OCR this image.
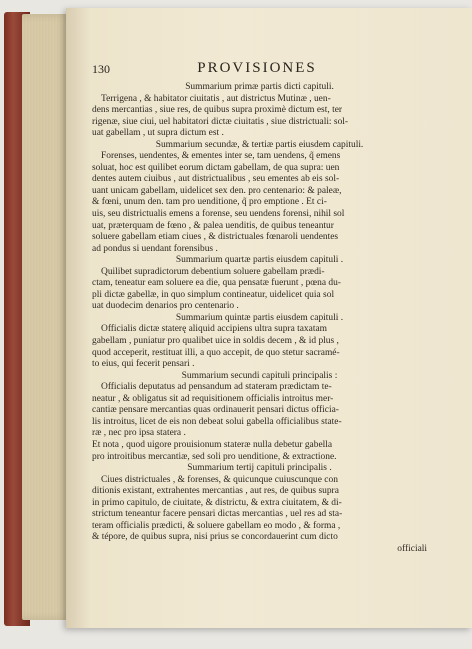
130	PROVISIONES
Summarium primæ partis dicti capituli.
Terrigena , & habitator ciuitatis , aut districtus Mutinæ , uen-
dens mercantias , siue res, de quibus supra proximè dictum est, ter
rigenæ, siue ciui, uel habitatori dictæ ciuitatis , siue districtuali: sol-
uat gabellam , ut supra dictum est .
Summarium secundæ, & tertiæ partis eiusdem capituli.
Forenses, uendentes, & ementes inter se, tam uendens, q̃ emens
soluat, hoc est quilibet eorum dictam gabellam, de qua supra: uen
dentes autem ciuibus , aut districtualibus , seu ementes ab eis sol-
uant unicam gabellam, uidelicet sex den. pro centenario: & paleæ,
& fœni, unum den. tam pro uenditione, q̃ pro emptione . Et ci-
uis, seu districtualis emens a forense, seu uendens forensi, nihil sol
uat, præterquam de fœno , & palea uenditis, de quibus teneantur
soluere gabellam etiam ciues , & districtuales fœnaroli uendentes
ad pondus si uendant forensibus .
Summarium quartæ partis eiusdem capituli .
Quilibet supradictorum debentium soluere gabellam prædi-
ctam, teneatur eam soluere ea die, qua pensatæ fuerunt , pœna du-
pli dictæ gabellæ, in quo simplum contineatur, uidelicet quia sol
uat duodecim denarios pro centenario .
Summarium quintæ partis eiusdem capituli .
Officialis dictæ staterę aliquid accipiens ultra supra taxatam
gabellam , puniatur pro qualibet uice in soldis decem , & id plus ,
quod acceperit, restituat illi, a quo accepit, de quo stetur sacramé-
to eius, qui fecerit pensari .
Summarium secundi capituli principalis :
Officialis deputatus ad pensandum ad stateram prædictam te-
neatur , & obligatus sit ad requisitionem officialis introitus mer-
cantiæ pensare mercantias quas ordinauerit pensari dictus officia-
lis introitus, licet de eis non debeat solui gabella officialibus state-
ræ , nec pro ipsa statera .
Et nota , quod uigore prouisionum stateræ nulla debetur gabella
pro introitibus mercantiæ, sed soli pro uenditione, & extractione.
Summarium tertij capituli principalis .
Ciues districtuales , & forenses, & quicunque cuiuscunque con
ditionis existant, extrahentes mercantias , aut res, de quibus supra
in primo capitulo, de ciuitate, & districtu, & extra ciuitatem, & di-
strictum teneantur facere pensari dictas mercantias , uel res ad sta-
teram officialis prædicti, & soluere gabellam eo modo , & forma ,
& tépore, de quibus supra, nisi prius se concordauerint cum dicto
officiali
